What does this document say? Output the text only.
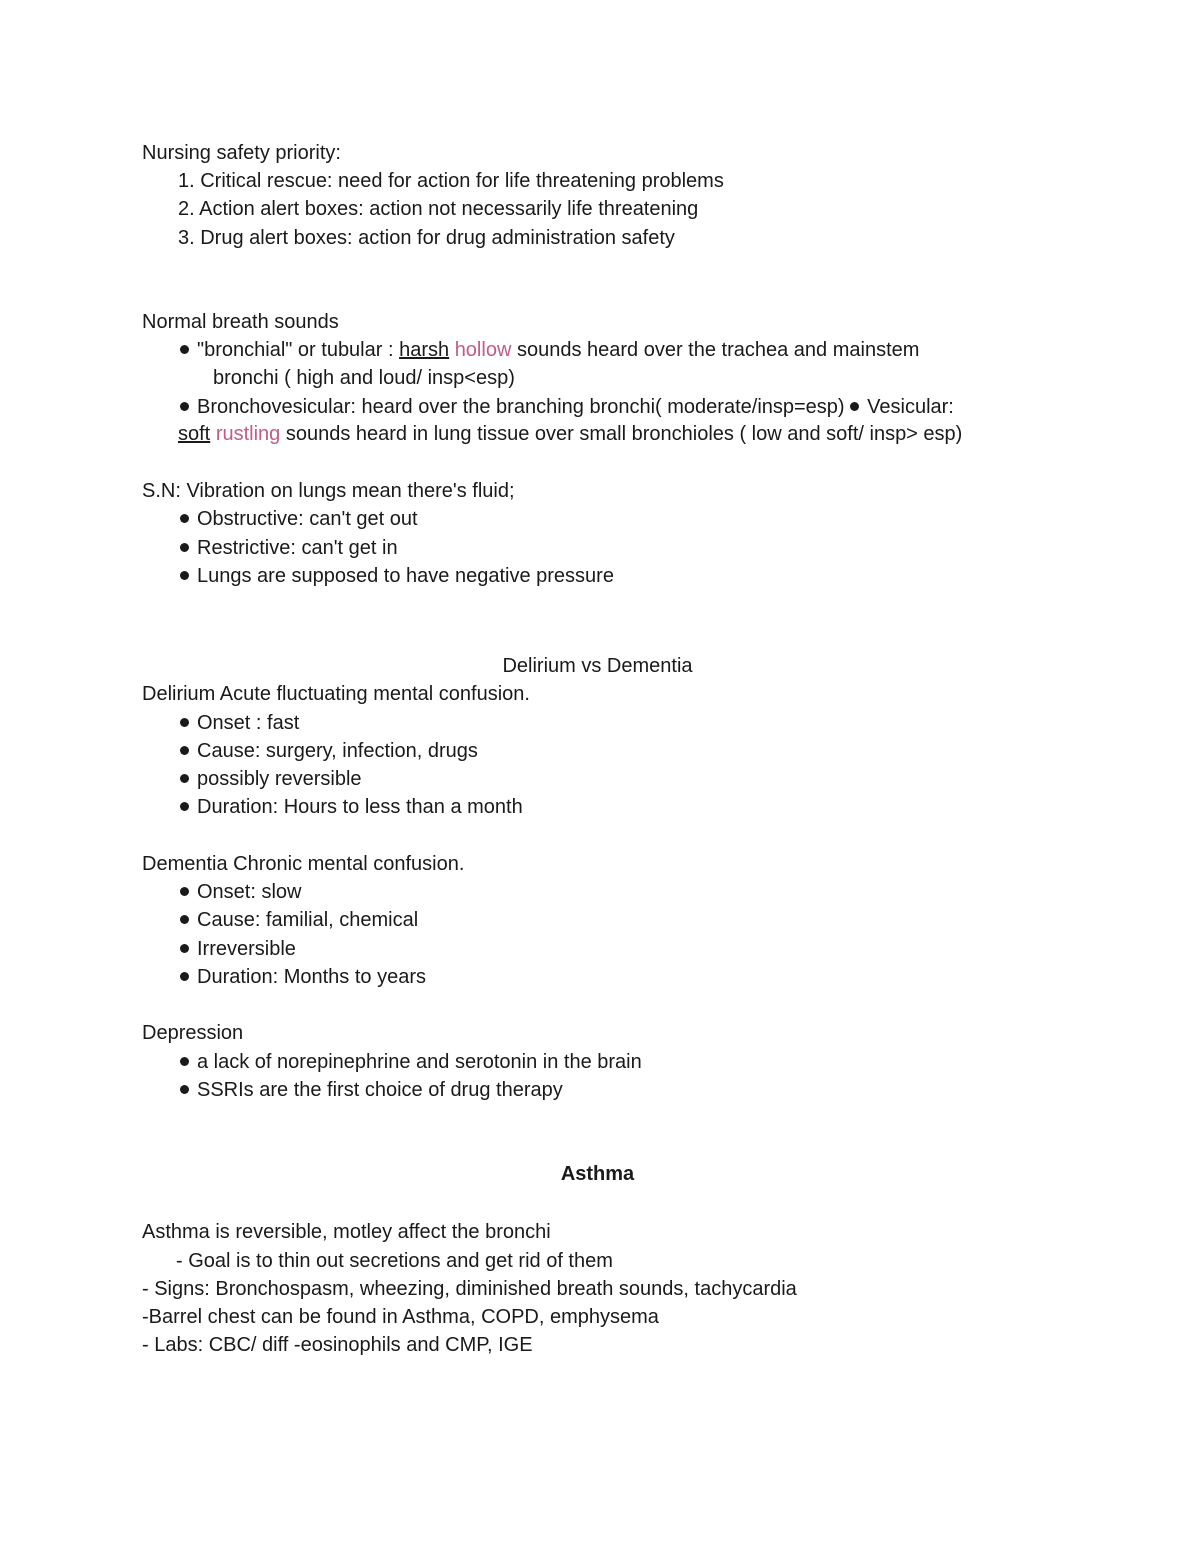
Nursing safety priority:
1. Critical rescue: need for action for life threatening problems
2. Action alert boxes: action not necessarily life threatening
3. Drug alert boxes: action for drug administration safety
Normal breath sounds
"bronchial" or tubular : harsh hollow sounds heard over the trachea and mainstem
bronchi ( high and loud/ insp<esp)
Bronchovesicular: heard over the branching bronchi( moderate/insp=esp) Vesicular:
soft rustling sounds heard in lung tissue over small bronchioles ( low and soft/ insp> esp)
S.N: Vibration on lungs mean there's fluid;
Obstructive: can't get out
Restrictive: can't get in
Lungs are supposed to have negative pressure
Delirium vs Dementia
Delirium Acute fluctuating mental confusion.
Onset : fast
Cause: surgery, infection, drugs
possibly reversible
Duration: Hours to less than a month
Dementia Chronic mental confusion.
Onset: slow
Cause: familial, chemical
Irreversible
Duration: Months to years
Depression
a lack of norepinephrine and serotonin in the brain
SSRIs are the first choice of drug therapy
Asthma
Asthma is reversible, motley affect the bronchi
- Goal is to thin out secretions and get rid of them
- Signs: Bronchospasm, wheezing, diminished breath sounds, tachycardia
-Barrel chest can be found in Asthma, COPD, emphysema
- Labs: CBC/ diff -eosinophils and CMP, IGE
